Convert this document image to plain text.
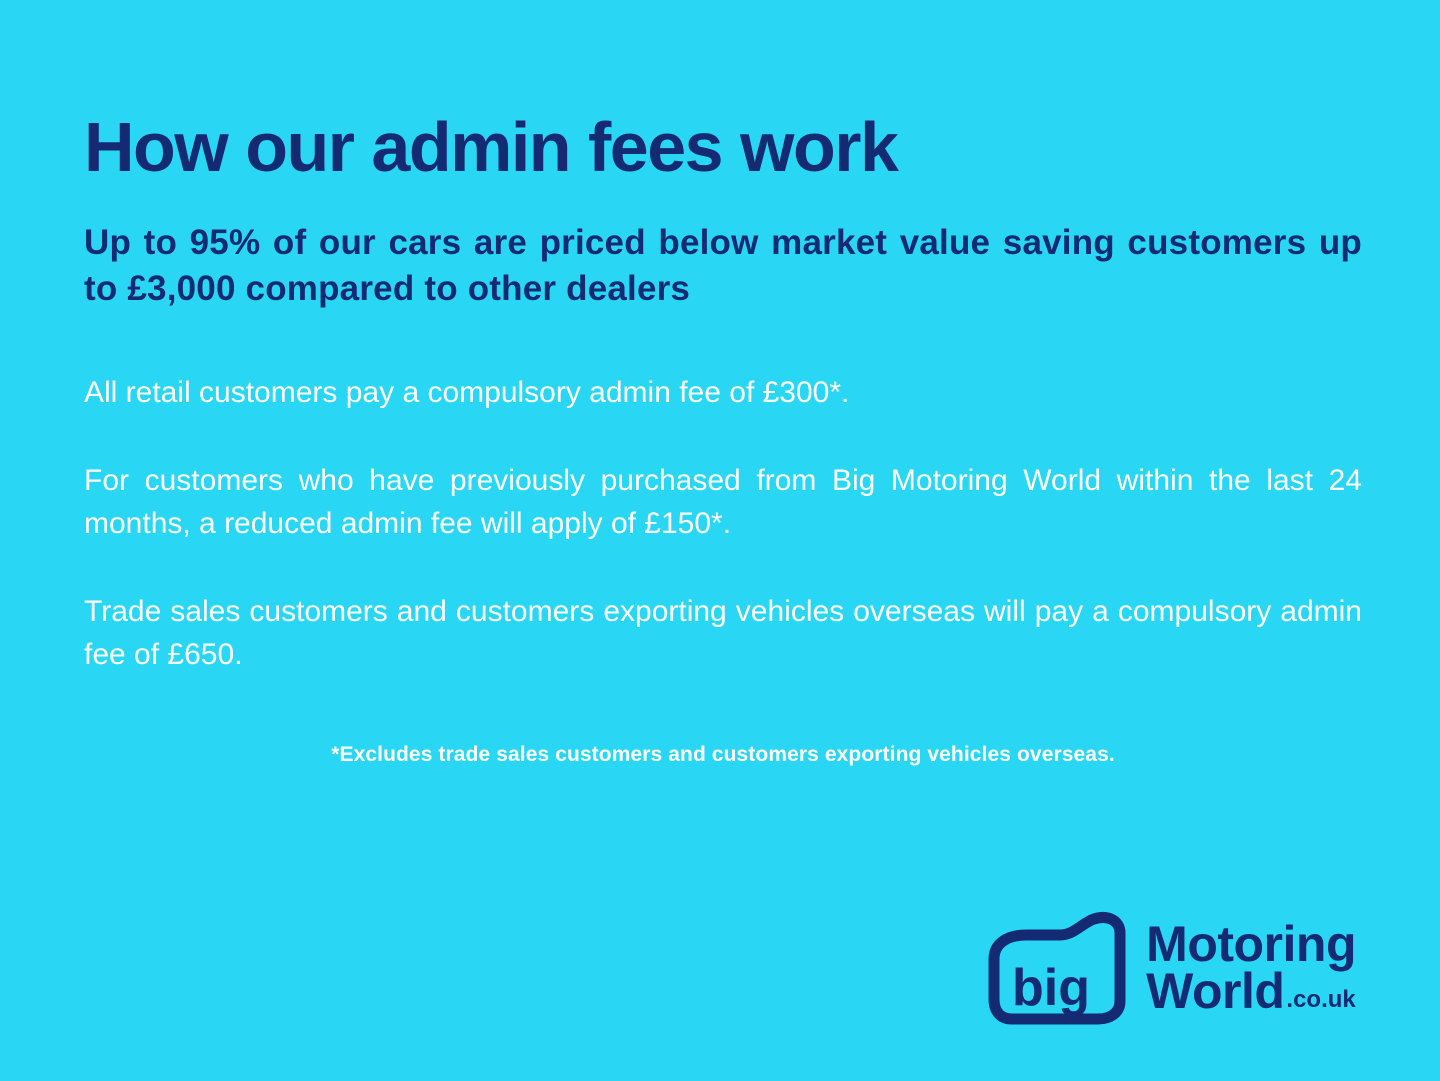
How our admin fees work

Up to 95% of our cars are priced below market value saving customers up to £3,000 compared to other dealers

All retail customers pay a compulsory admin fee of £300*.

For customers who have previously purchased from Big Motoring World within the last 24 months, a reduced admin fee will apply of £150*.

Trade sales customers and customers exporting vehicles overseas will pay a compulsory admin fee of £650.

*Excludes trade sales customers and customers exporting vehicles overseas.

big
Motoring
World .co.uk
